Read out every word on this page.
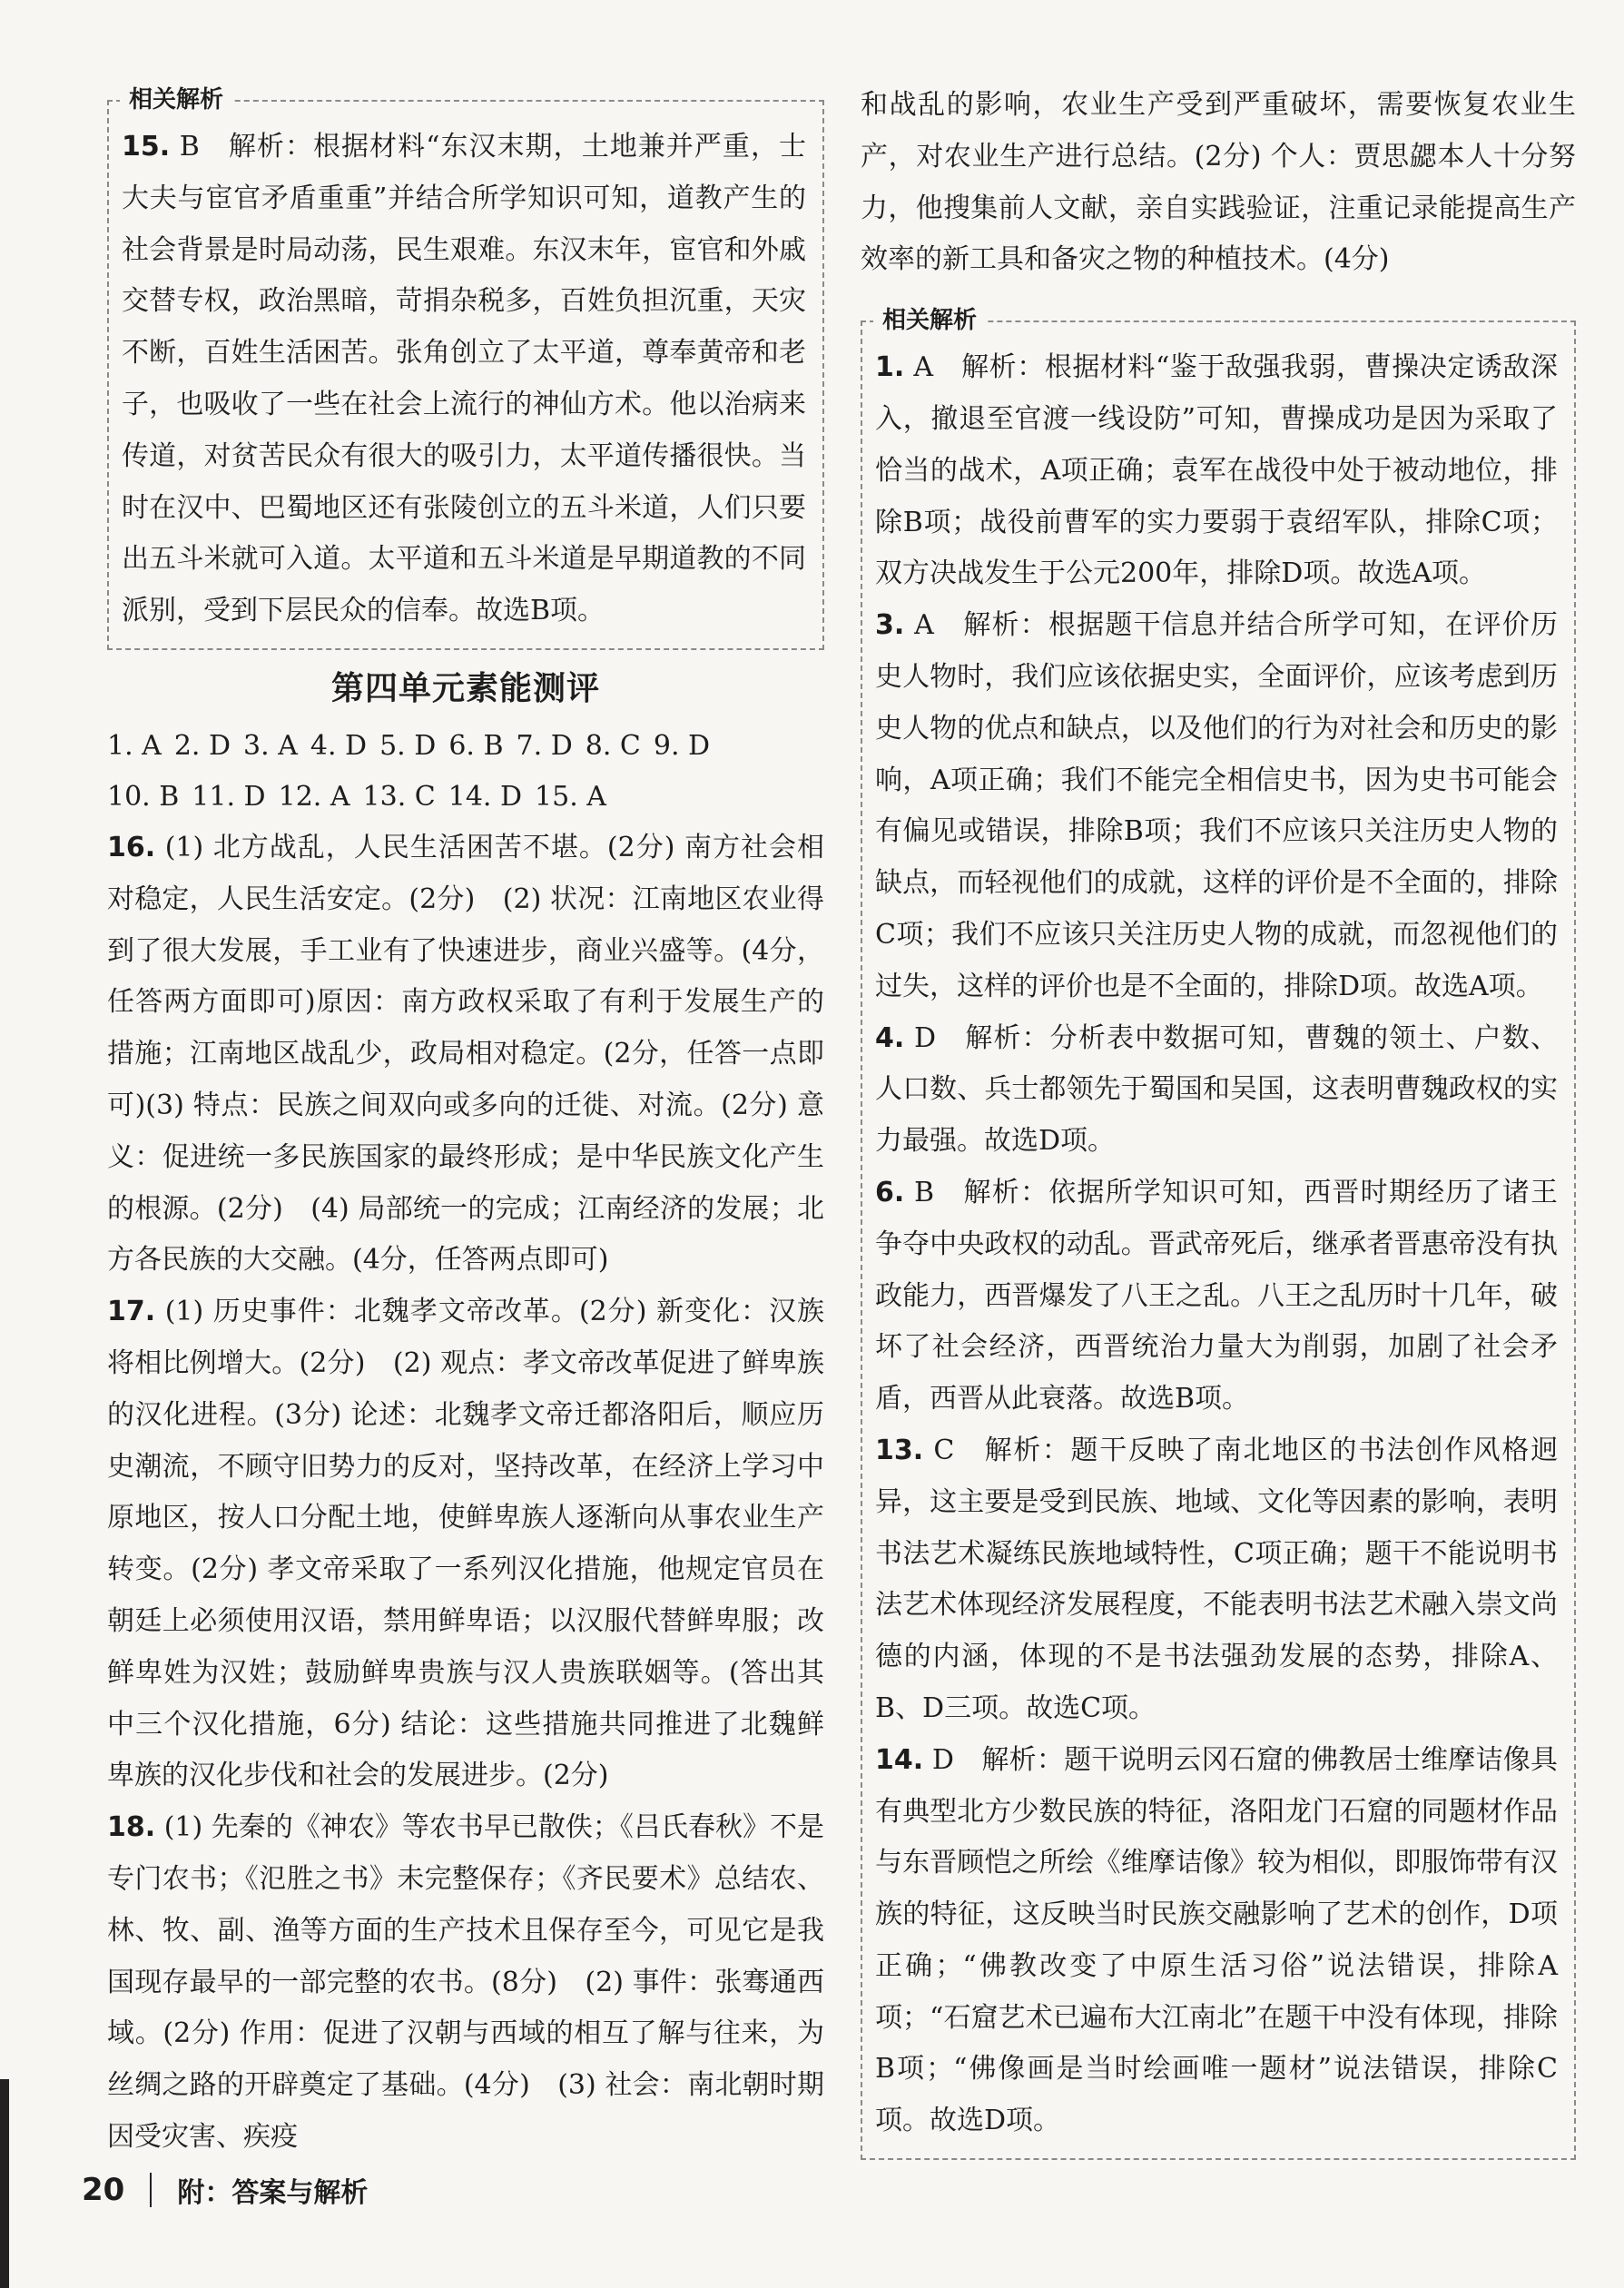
相关解析

15. B　解析：根据材料“东汉末期，土地兼并严重，士大夫与宦官矛盾重重”并结合所学知识可知，道教产生的社会背景是时局动荡，民生艰难。东汉末年，宦官和外戚交替专权，政治黑暗，苛捐杂税多，百姓负担沉重，天灾不断，百姓生活困苦。张角创立了太平道，尊奉黄帝和老子，也吸收了一些在社会上流行的神仙方术。他以治病来传道，对贫苦民众有很大的吸引力，太平道传播很快。当时在汉中、巴蜀地区还有张陵创立的五斗米道，人们只要出五斗米就可入道。太平道和五斗米道是早期道教的不同派别，受到下层民众的信奉。故选B项。

第四单元素能测评
1. A 2. D 3. A 4. D 5. D 6. B 7. D 8. C 9. D
10. B 11. D 12. A 13. C 14. D 15. A

16. (1) 北方战乱，人民生活困苦不堪。(2分) 南方社会相对稳定，人民生活安定。(2分)　(2) 状况：江南地区农业得到了很大发展，手工业有了快速进步，商业兴盛等。(4分，任答两方面即可)原因：南方政权采取了有利于发展生产的措施；江南地区战乱少，政局相对稳定。(2分，任答一点即可)(3) 特点：民族之间双向或多向的迁徙、对流。(2分) 意义：促进统一多民族国家的最终形成；是中华民族文化产生的根源。(2分)　(4) 局部统一的完成；江南经济的发展；北方各民族的大交融。(4分，任答两点即可)

17. (1) 历史事件：北魏孝文帝改革。(2分) 新变化：汉族将相比例增大。(2分)　(2) 观点：孝文帝改革促进了鲜卑族的汉化进程。(3分) 论述：北魏孝文帝迁都洛阳后，顺应历史潮流，不顾守旧势力的反对，坚持改革，在经济上学习中原地区，按人口分配土地，使鲜卑族人逐渐向从事农业生产转变。(2分) 孝文帝采取了一系列汉化措施，他规定官员在朝廷上必须使用汉语，禁用鲜卑语；以汉服代替鲜卑服；改鲜卑姓为汉姓；鼓励鲜卑贵族与汉人贵族联姻等。(答出其中三个汉化措施，6分) 结论：这些措施共同推进了北魏鲜卑族的汉化步伐和社会的发展进步。(2分)

18. (1) 先秦的《神农》等农书早已散佚；《吕氏春秋》不是专门农书；《氾胜之书》未完整保存；《齐民要术》总结农、林、牧、副、渔等方面的生产技术且保存至今，可见它是我国现存最早的一部完整的农书。(8分)　(2) 事件：张骞通西域。(2分) 作用：促进了汉朝与西域的相互了解与往来，为丝绸之路的开辟奠定了基础。(4分)　(3) 社会：南北朝时期因受灾害、疾疫

和战乱的影响，农业生产受到严重破坏，需要恢复农业生产，对农业生产进行总结。(2分) 个人：贾思勰本人十分努力，他搜集前人文献，亲自实践验证，注重记录能提高生产效率的新工具和备灾之物的种植技术。(4分)

相关解析

1. A　解析：根据材料“鉴于敌强我弱，曹操决定诱敌深入，撤退至官渡一线设防”可知，曹操成功是因为采取了恰当的战术，A项正确；袁军在战役中处于被动地位，排除B项；战役前曹军的实力要弱于袁绍军队，排除C项；双方决战发生于公元200年，排除D项。故选A项。

3. A　解析：根据题干信息并结合所学可知，在评价历史人物时，我们应该依据史实，全面评价，应该考虑到历史人物的优点和缺点，以及他们的行为对社会和历史的影响，A项正确；我们不能完全相信史书，因为史书可能会有偏见或错误，排除B项；我们不应该只关注历史人物的缺点，而轻视他们的成就，这样的评价是不全面的，排除C项；我们不应该只关注历史人物的成就，而忽视他们的过失，这样的评价也是不全面的，排除D项。故选A项。

4. D　解析：分析表中数据可知，曹魏的领土、户数、人口数、兵士都领先于蜀国和吴国，这表明曹魏政权的实力最强。故选D项。

6. B　解析：依据所学知识可知，西晋时期经历了诸王争夺中央政权的动乱。晋武帝死后，继承者晋惠帝没有执政能力，西晋爆发了八王之乱。八王之乱历时十几年，破坏了社会经济，西晋统治力量大为削弱，加剧了社会矛盾，西晋从此衰落。故选B项。

13. C　解析：题干反映了南北地区的书法创作风格迥异，这主要是受到民族、地域、文化等因素的影响，表明书法艺术凝练民族地域特性，C项正确；题干不能说明书法艺术体现经济发展程度，不能表明书法艺术融入崇文尚德的内涵，体现的不是书法强劲发展的态势，排除A、B、D三项。故选C项。

14. D　解析：题干说明云冈石窟的佛教居士维摩诘像具有典型北方少数民族的特征，洛阳龙门石窟的同题材作品与东晋顾恺之所绘《维摩诘像》较为相似，即服饰带有汉族的特征，这反映当时民族交融影响了艺术的创作，D项正确；“佛教改变了中原生活习俗”说法错误，排除A项；“石窟艺术已遍布大江南北”在题干中没有体现，排除B项；“佛像画是当时绘画唯一题材”说法错误，排除C项。故选D项。

20 附：答案与解析
